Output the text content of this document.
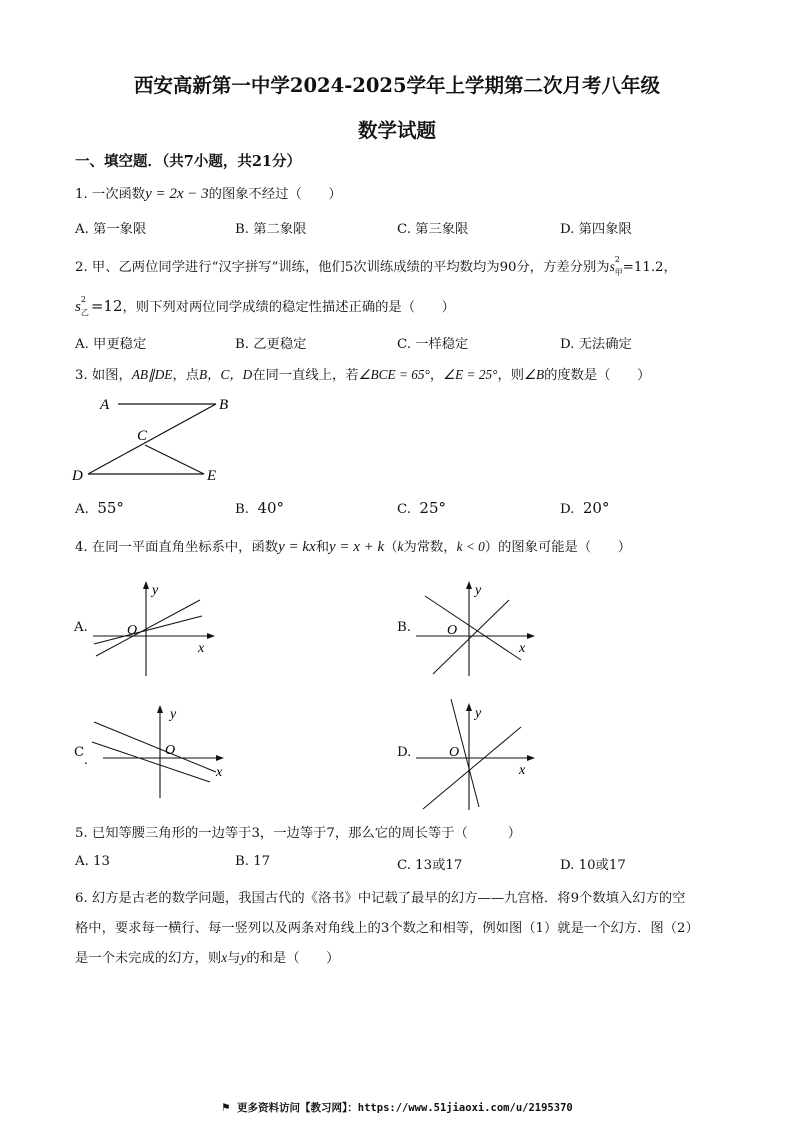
西安高新第一中学2024-2025学年上学期第二次月考八年级
数学试题
一、填空题．（共7小题，共21分）
1. 一次函数y = 2x − 3的图象不经过（　　）
A. 第一象限	B. 第二象限	C. 第三象限	D. 第四象限
2. 甲、乙两位同学进行“汉字拼写”训练，他们5次训练成绩的平均数均为90分，方差分别为s 2
甲 =11.2，
s 2
乙 =12，则下列对两位同学成绩的稳定性描述正确的是（　　）
A. 甲更稳定	B. 乙更稳定	C. 一样稳定	D. 无法确定
3. 如图，AB∥DE，点B，C，D在同一直线上，若∠BCE = 65°，∠E = 25°，则∠B的度数是（　　）
A	B
C
D	E
A. 55°	B. 40°	C. 25°	D. 20°
4. 在同一平面直角坐标系中，函数y = kx和y = x + k（k为常数，k < 0）的图象可能是（　　）
A.
y
x
O	B.
y
x
O
C.
y
x
O	D.
y
x
O
5. 已知等腰三角形的一边等于3，一边等于7，那么它的周长等于（　　　）
A. 13	B. 17	C. 13或17	D. 10或17
6. 幻方是古老的数学问题，我国古代的《洛书》中记载了最早的幻方——九宫格．将9个数填入幻方的空
格中，要求每一横行、每一竖列以及两条对角线上的3个数之和相等，例如图（1）就是一个幻方．图（2）
是一个未完成的幻方，则x与y的和是（　　）
⚑ 更多资料访问【教习网】：https://www.51jiaoxi.com/u/2195370
